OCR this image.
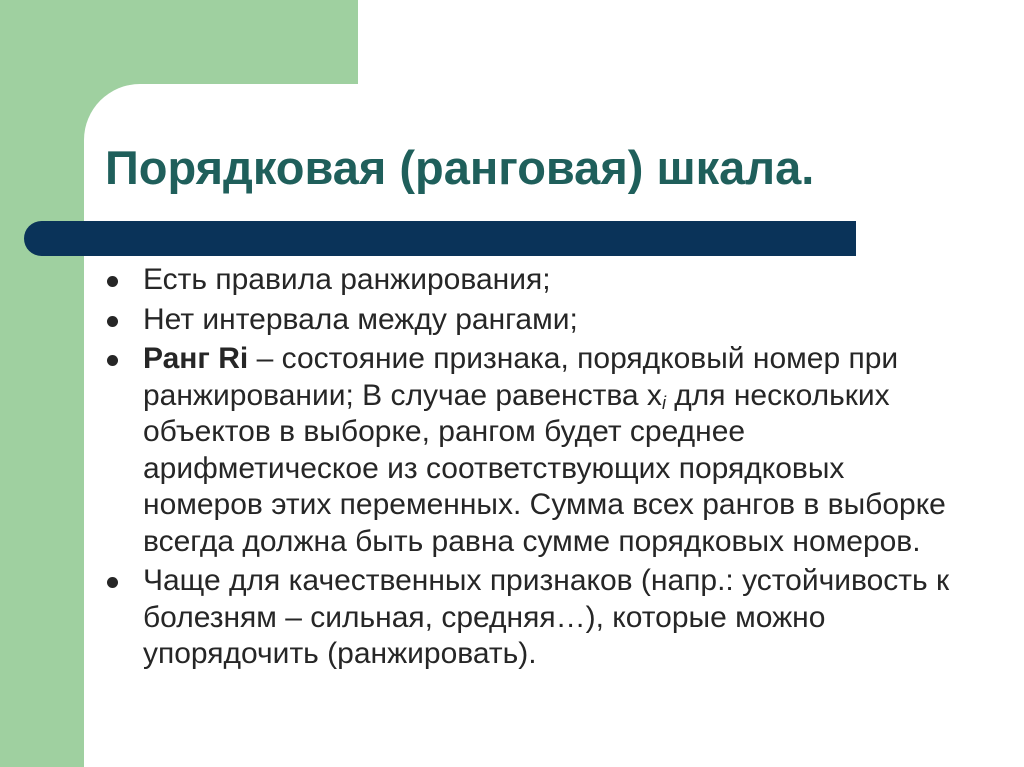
Порядковая (ранговая) шкала.
Есть правила ранжирования;
Нет интервала между рангами;
Ранг Ri – состояние признака, порядковый номер при ранжировании; В случае равенства $x_i$ для нескольких объектов в выборке, рангом будет среднее арифметическое из соответствующих порядковых номеров этих переменных. Сумма всех рангов в выборке всегда должна быть равна сумме порядковых номеров.
Чаще для качественных признаков (напр.: устойчивость к болезням – сильная, средняя…), которые можно упорядочить (ранжировать).
